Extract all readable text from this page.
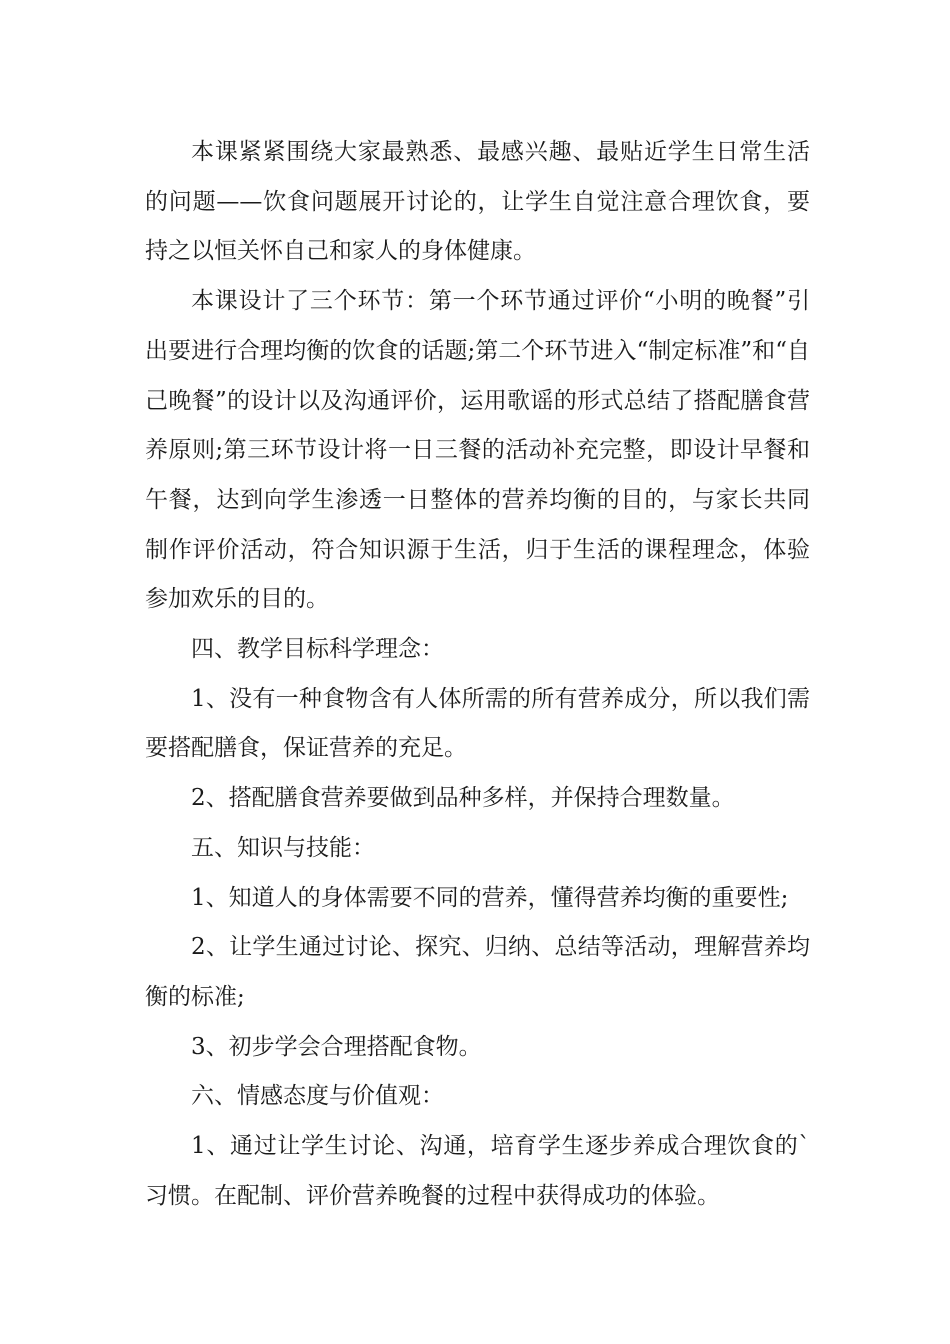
本课紧紧围绕大家最熟悉、最感兴趣、最贴近学生日常生活的问题——饮食问题展开讨论的，让学生自觉注意合理饮食，要持之以恒关怀自己和家人的身体健康。

本课设计了三个环节：第一个环节通过评价“小明的晚餐”引出要进行合理均衡的饮食的话题;第二个环节进入“制定标准”和“自己晚餐”的设计以及沟通评价，运用歌谣的形式总结了搭配膳食营养原则;第三环节设计将一日三餐的活动补充完整，即设计早餐和午餐，达到向学生渗透一日整体的营养均衡的目的，与家长共同制作评价活动，符合知识源于生活，归于生活的课程理念，体验参加欢乐的目的。

四、教学目标科学理念：

1、没有一种食物含有人体所需的所有营养成分，所以我们需要搭配膳食，保证营养的充足。

2、搭配膳食营养要做到品种多样，并保持合理数量。

五、知识与技能：

1、知道人的身体需要不同的营养，懂得营养均衡的重要性;

2、让学生通过讨论、探究、归纳、总结等活动，理解营养均衡的标准;

3、初步学会合理搭配食物。

六、情感态度与价值观：

1、通过让学生讨论、沟通，培育学生逐步养成合理饮食的`习惯。在配制、评价营养晚餐的过程中获得成功的体验。
